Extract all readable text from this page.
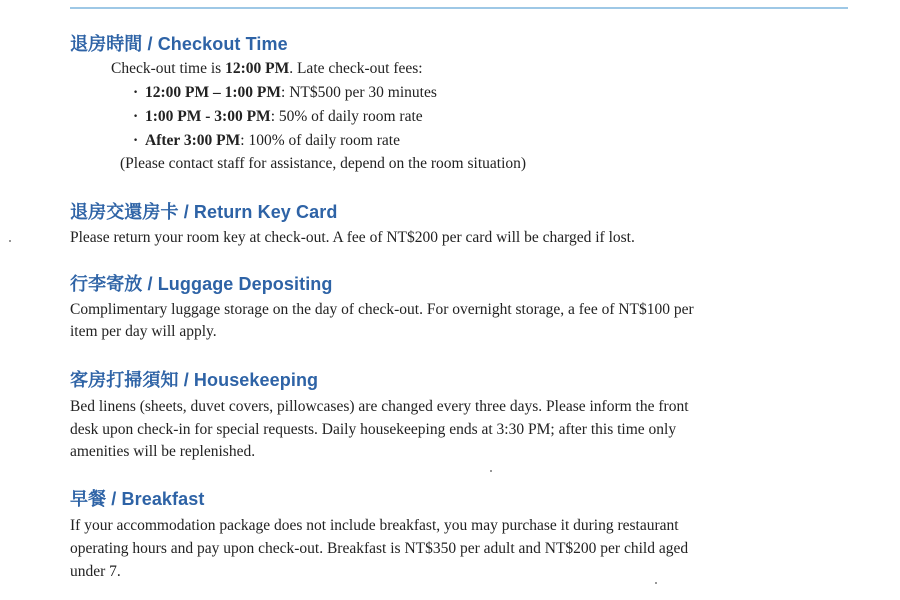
退房時間 / Checkout Time
Check-out time is 12:00 PM. Late check-out fees:
· 12:00 PM – 1:00 PM: NT$500 per 30 minutes
· 1:00 PM - 3:00 PM: 50% of daily room rate
· After 3:00 PM: 100% of daily room rate
(Please contact staff for assistance, depend on the room situation)
退房交還房卡 / Return Key Card
Please return your room key at check-out. A fee of NT$200 per card will be charged if lost.
行李寄放 / Luggage Depositing
Complimentary luggage storage on the day of check-out. For overnight storage, a fee of NT$100 per
item per day will apply.
客房打掃須知 / Housekeeping
Bed linens (sheets, duvet covers, pillowcases) are changed every three days. Please inform the front
desk upon check-in for special requests. Daily housekeeping ends at 3:30 PM; after this time only
amenities will be replenished.
早餐 / Breakfast
If your accommodation package does not include breakfast, you may purchase it during restaurant
operating hours and pay upon check-out. Breakfast is NT$350 per adult and NT$200 per child aged
under 7.
